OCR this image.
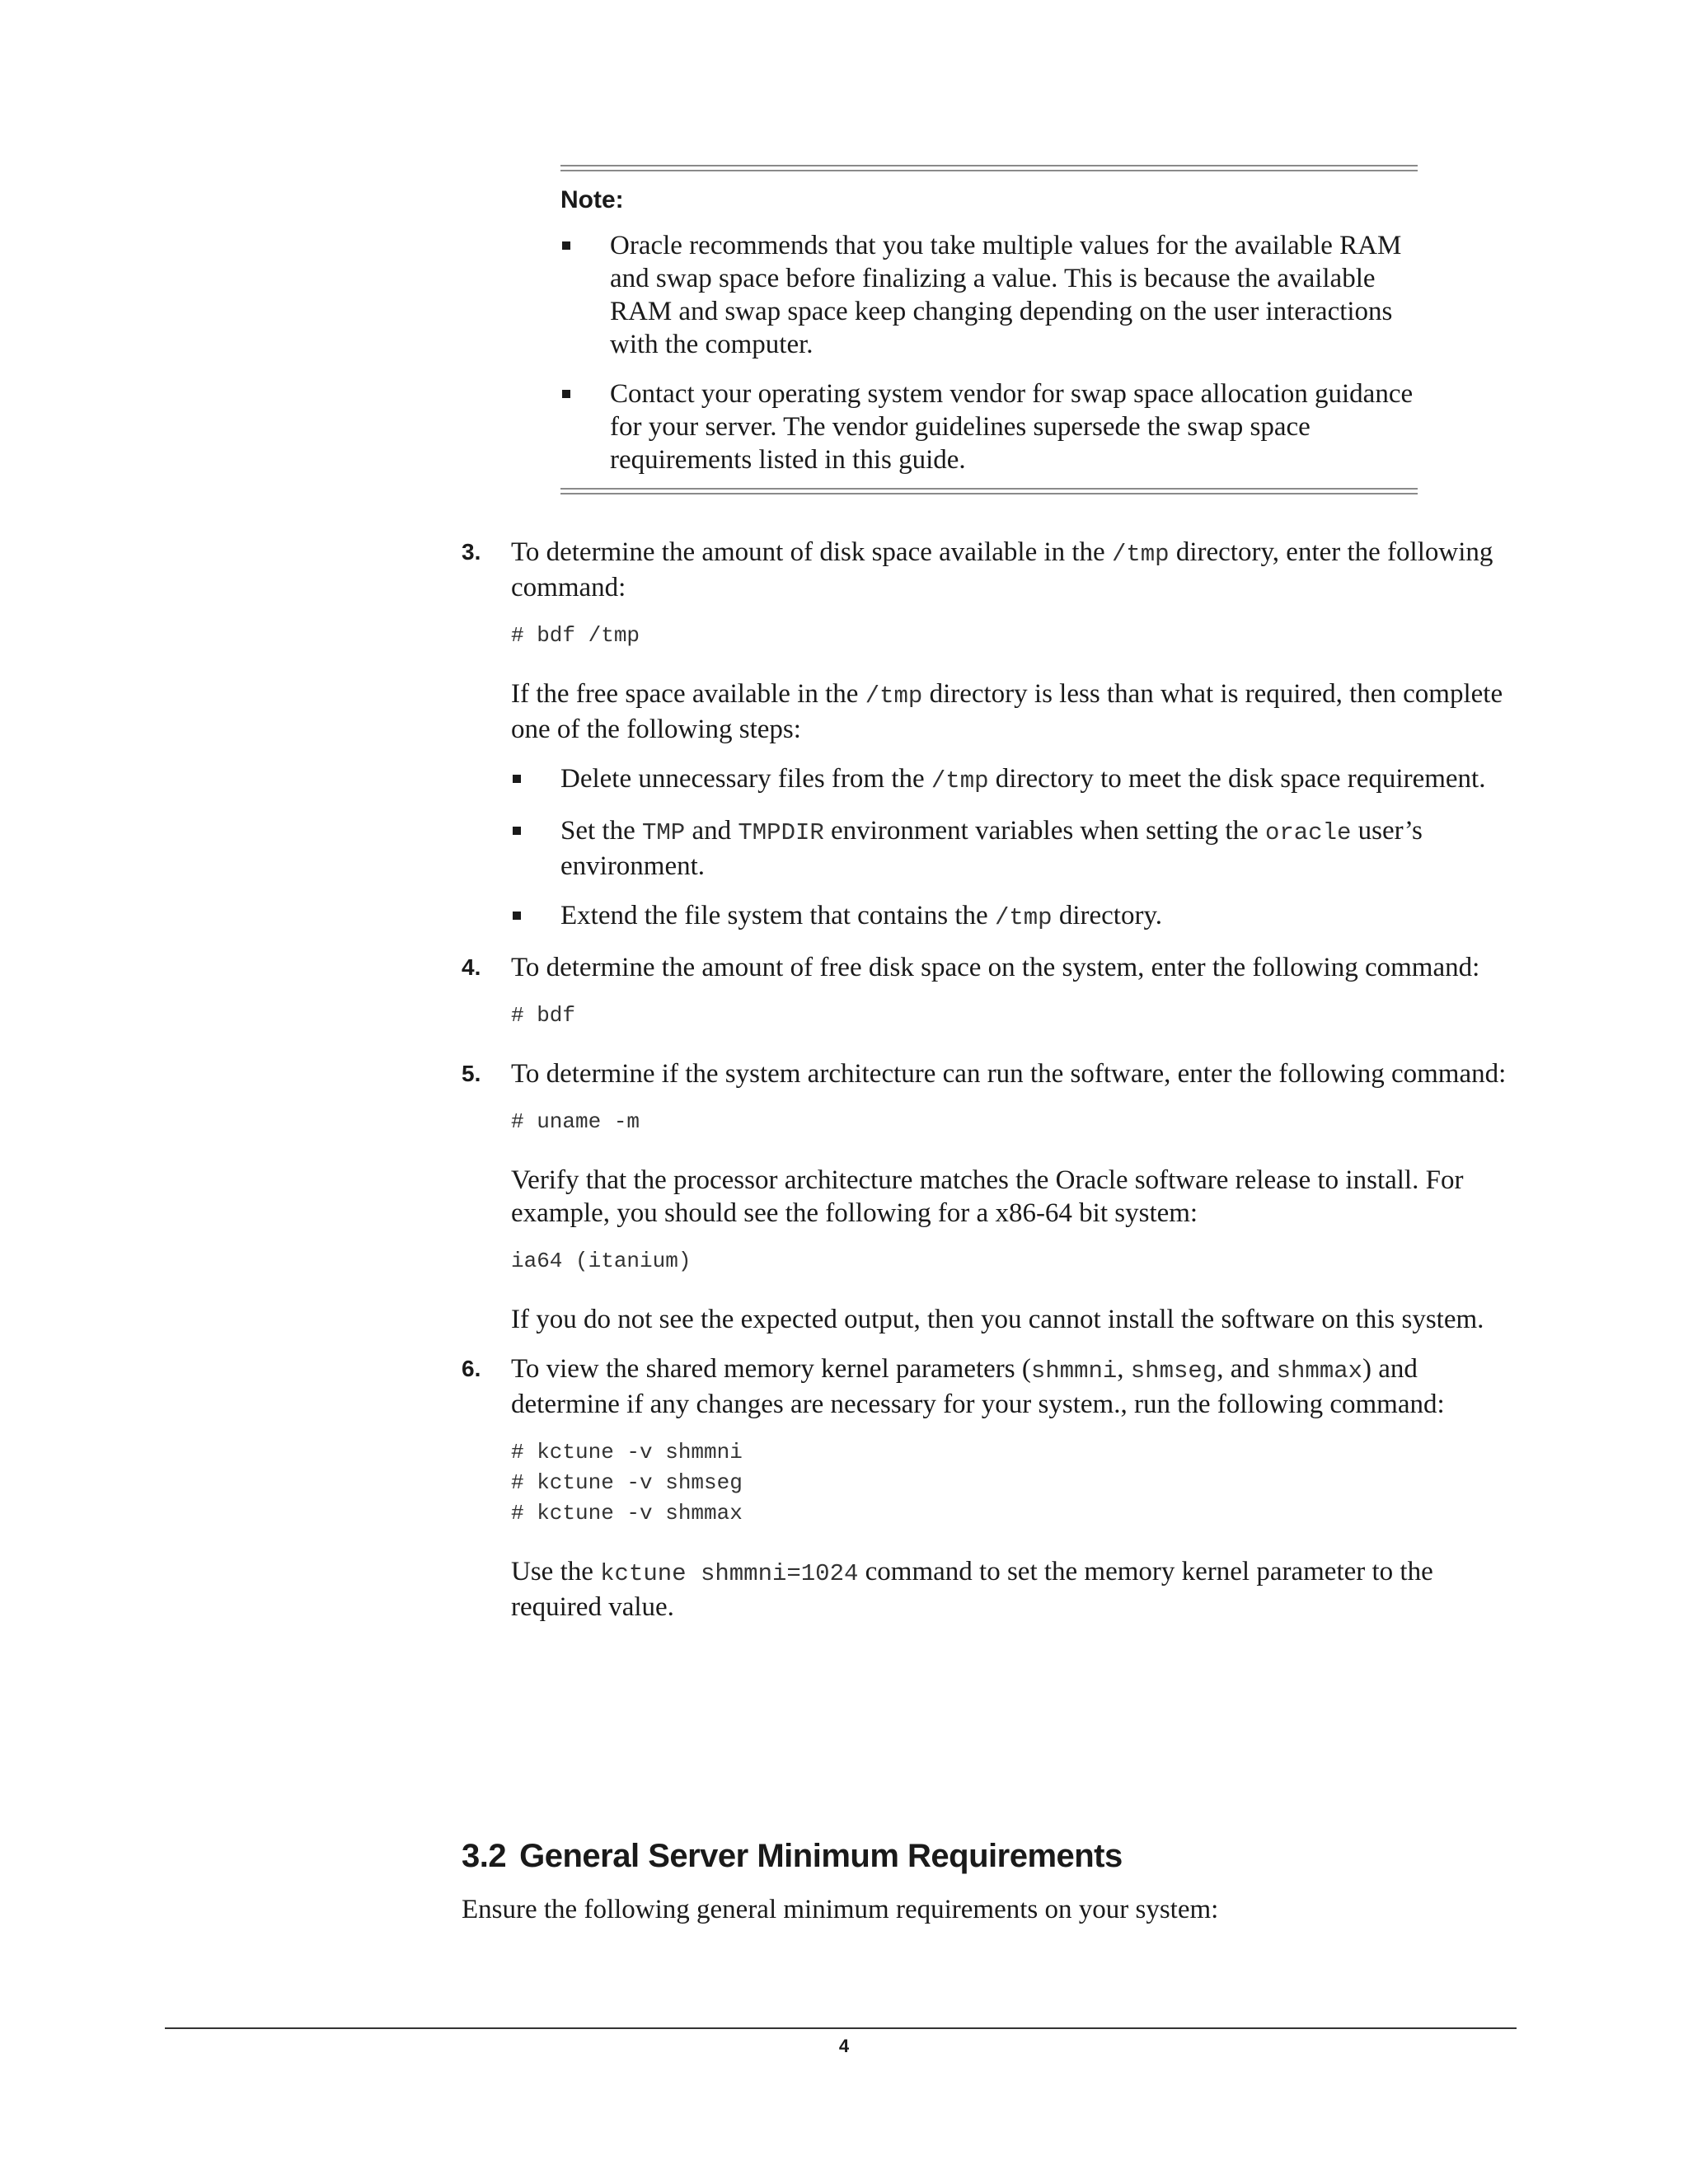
Note:
Oracle recommends that you take multiple values for the available RAM and swap space before finalizing a value. This is because the available RAM and swap space keep changing depending on the user interactions with the computer.
Contact your operating system vendor for swap space allocation guidance for your server. The vendor guidelines supersede the swap space requirements listed in this guide.
3. To determine the amount of disk space available in the /tmp directory, enter the following command:

# bdf /tmp

If the free space available in the /tmp directory is less than what is required, then complete one of the following steps:

Delete unnecessary files from the /tmp directory to meet the disk space requirement.
Set the TMP and TMPDIR environment variables when setting the oracle user’s environment.
Extend the file system that contains the /tmp directory.
4. To determine the amount of free disk space on the system, enter the following command:

# bdf
5. To determine if the system architecture can run the software, enter the following command:

# uname -m

Verify that the processor architecture matches the Oracle software release to install. For example, you should see the following for a x86-64 bit system:

ia64 (itanium)

If you do not see the expected output, then you cannot install the software on this system.

6. To view the shared memory kernel parameters (shmmni, shmseg, and shmmax) and determine if any changes are necessary for your system., run the following command:

# kctune -v shmmni
# kctune -v shmseg
# kctune -v shmmax

Use the kctune shmmni=1024 command to set the memory kernel parameter to the required value.

3.2 General Server Minimum Requirements

Ensure the following general minimum requirements on your system:

4
